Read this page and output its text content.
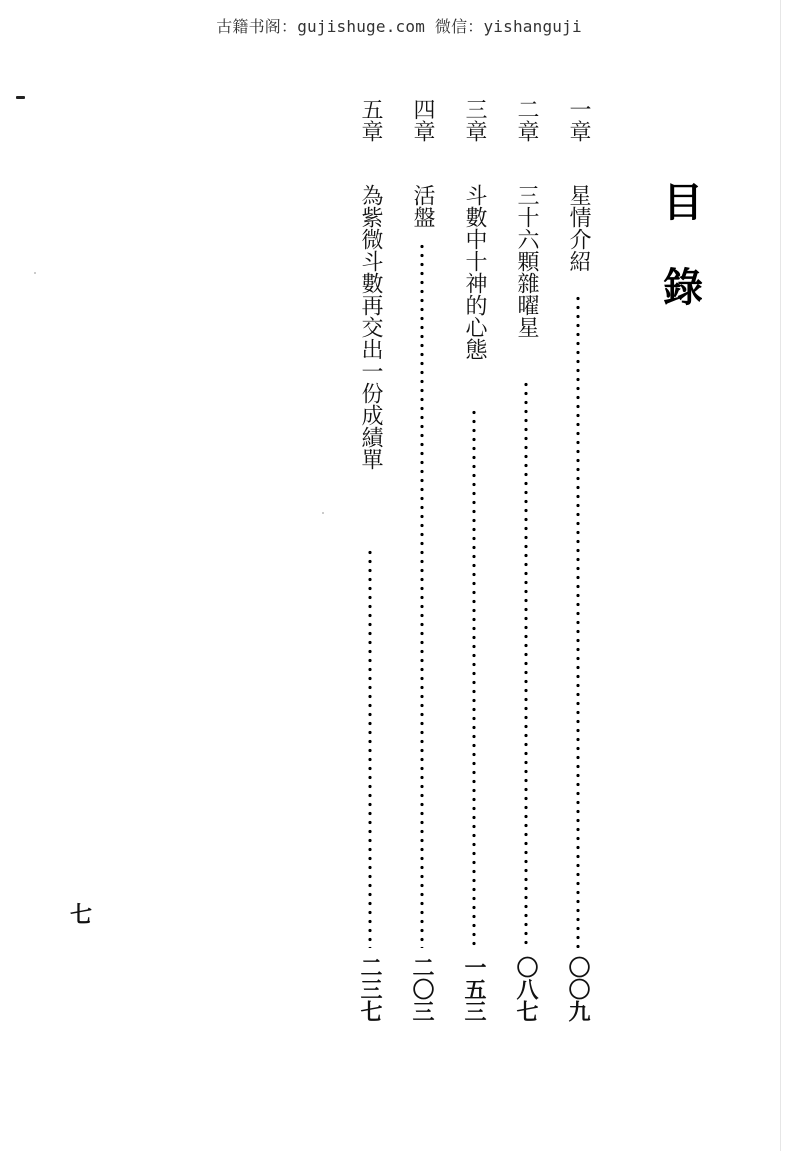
古籍书阁：gujishuge.com 微信：yishanguji
目
錄
一章
星情介紹
〇〇九
二章
三十六顆雜曜星
〇八七
三章
斗數中十神的心態
一五三
四章
活盤
二〇三
五章
為紫微斗數再交出一份成績單
二三七
七
